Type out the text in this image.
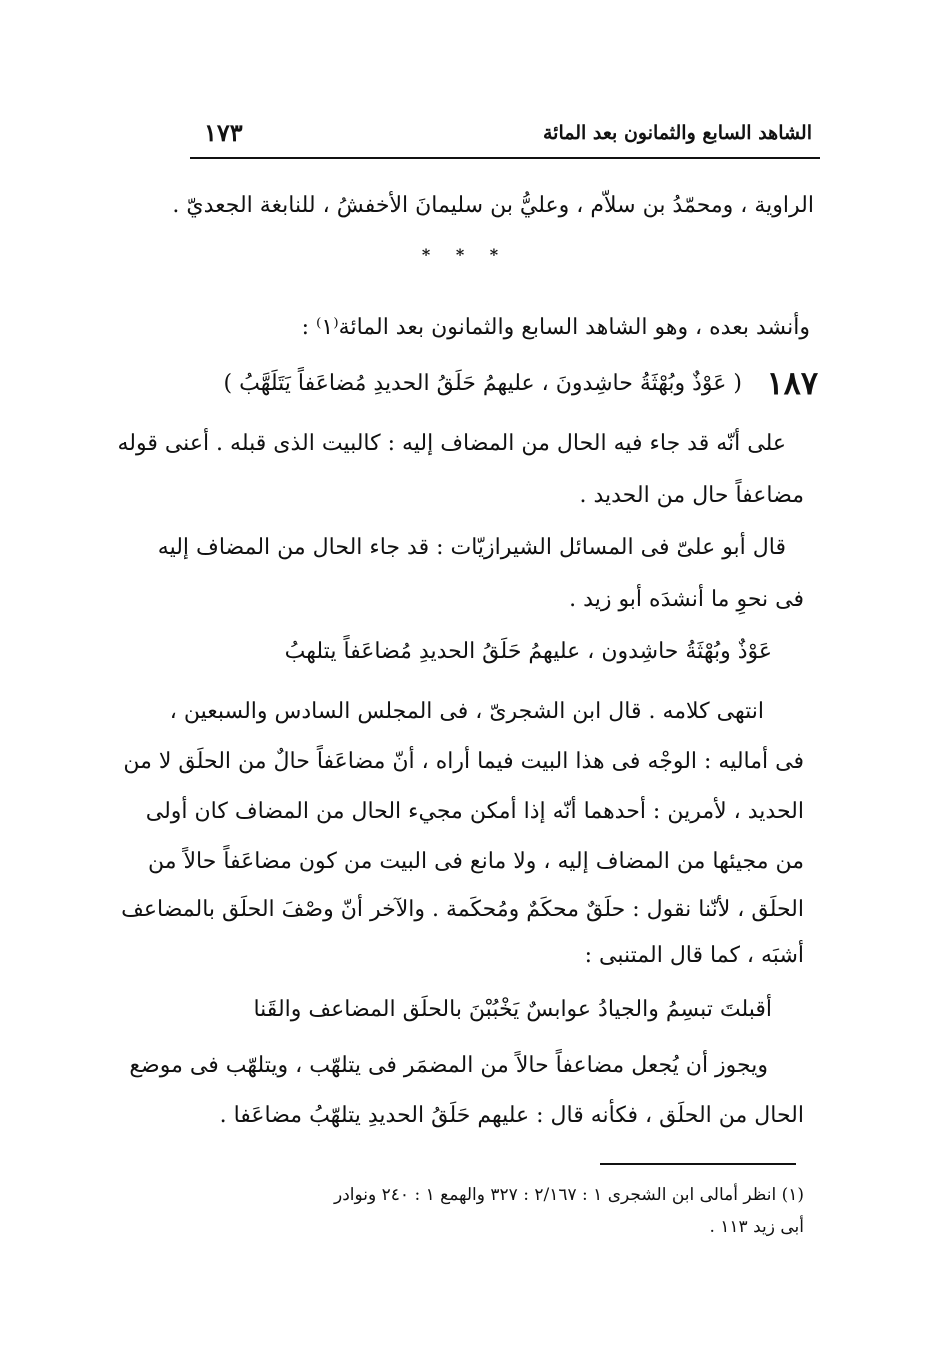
الشاهد السابع والثمانون بعد المائة
١٧٣
الراوية ، ومحمّدُ بن سلاّم ، وعليُّ بن سليمانَ الأخفشُ ، للنابغة الجعديّ .
* * *
وأنشد بعده ، وهو الشاهد السابع والثمانون بعد المائة⁽١⁾ :
١٨٧
( عَوْذٌ وبُهْثَةُ حاشِدونَ ، عليهمُ حَلَقُ الحديدِ مُضاعَفاً يَتَلَهَّبُ )
على أنّه قد جاء فيه الحال من المضاف إليه : كالبيت الذى قبله . أعنى قوله
مضاعفاً حال من الحديد .
قال أبو علىّ فى المسائل الشيرازيّات : قد جاء الحال من المضاف إليه
فى نحوِ ما أنشدَه أبو زيد .
عَوْذٌ وبُهْثَةُ حاشِدون ، عليهمُ حَلَقُ الحديدِ مُضاعَفاً يتلهبُ
انتهى كلامه . قال ابن الشجرىّ ، فى المجلس السادس والسبعين ،
فى أماليه : الوجْه فى هذا البيت فيما أراه ، أنّ مضاعَفاً حالٌ من الحلَق لا من
الحديد ، لأمرين : أحدهما أنّه إذا أمكن مجيء الحال من المضاف كان أولى
من مجيئها من المضاف إليه ، ولا مانع فى البيت من كون مضاعَفاً حالاً من
الحلَق ، لأنّنا نقول : حلَقٌ محكَمٌ ومُحكَمة . والآخر أنّ وصْفَ الحلَق بالمضاعف
أشبَه ، كما قال المتنبى :
أقبلتَ تبسِمُ والجيادُ عوابسٌ يَخْبُبْنَ بالحلَق المضاعف والقَنا
ويجوز أن يُجعل مضاعفاً حالاً من المضمَر فى يتلهّب ، ويتلهّب فى موضع
الحال من الحلَق ، فكأنه قال : عليهم حَلَقُ الحديدِ يتلهّبُ مضاعَفا .
(١) انظر أمالى ابن الشجرى ١ : ٢/١٦٧ : ٣٢٧ والهمع ١ : ٢٤٠ ونوادر
أبى زيد ١١٣ .
